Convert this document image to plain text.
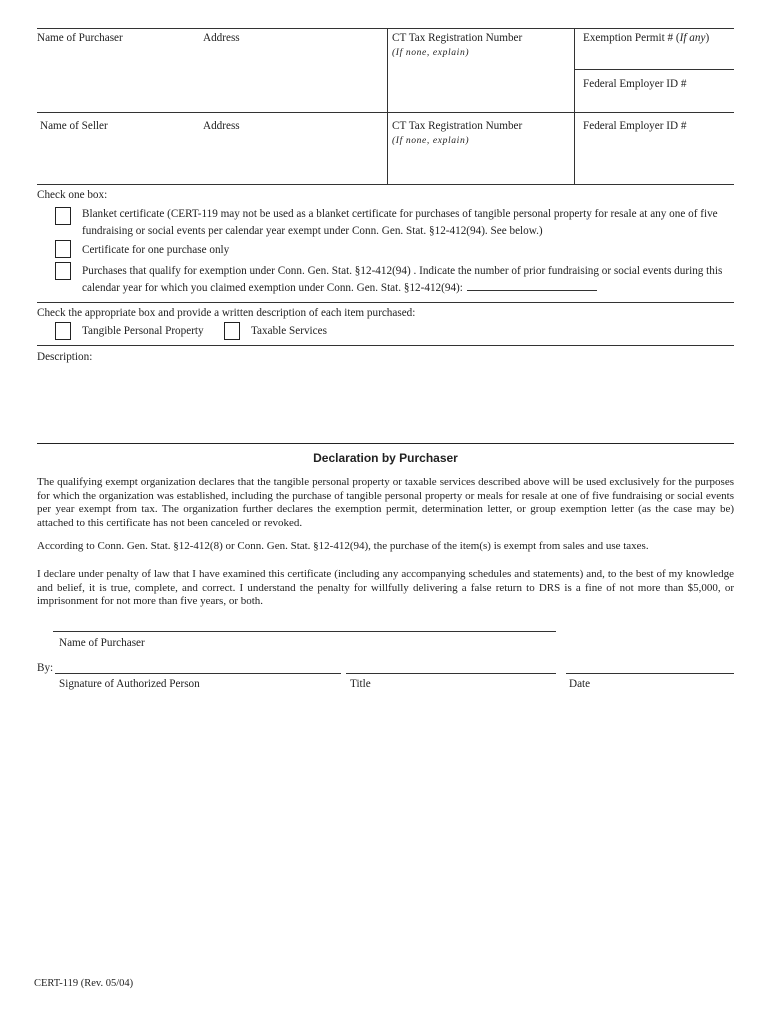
Name of Purchaser	Address	CT Tax Registration Number
(If none, explain)
Exemption Permit # (If any)
Federal Employer ID #
Name of Seller	Address	CT Tax Registration Number
(If none, explain)
Federal Employer ID #
Check one box:
Blanket certificate (CERT-119 may not be used as a blanket certificate for purchases of tangible personal property for resale at any one of five
fundraising or social events per calendar year exempt under Conn. Gen. Stat. §12-412(94). See below.)
Certificate for one purchase only
Purchases that qualify for exemption under Conn. Gen. Stat. §12-412(94) . Indicate the number of prior fundraising or social events during this
calendar year for which you claimed exemption under Conn. Gen. Stat. §12-412(94):
Check the appropriate box and provide a written description of each item purchased:
Tangible Personal Property	Taxable Services
Description:
Declaration by Purchaser
The qualifying exempt organization declares that the tangible personal property or taxable services described above will be used exclusively for the purposes for which the organization was established, including the purchase of tangible personal property or meals for resale at one of five fundraising or social events per year exempt from tax. The organization further declares the exemption permit, determination letter, or group exemption letter (as the case may be) attached to this certificate has not been canceled or revoked.
According to Conn. Gen. Stat. §12-412(8) or Conn. Gen. Stat. §12-412(94), the purchase of the item(s) is exempt from sales and use taxes.
I declare under penalty of law that I have examined this certificate (including any accompanying schedules and statements) and, to the best of my knowledge and belief, it is true, complete, and correct. I understand the penalty for willfully delivering a false return to DRS is a fine of not more than $5,000, or imprisonment for not more than five years, or both.
Name of Purchaser
By:
Signature of Authorized Person	Title	Date
CERT-119 (Rev. 05/04)
